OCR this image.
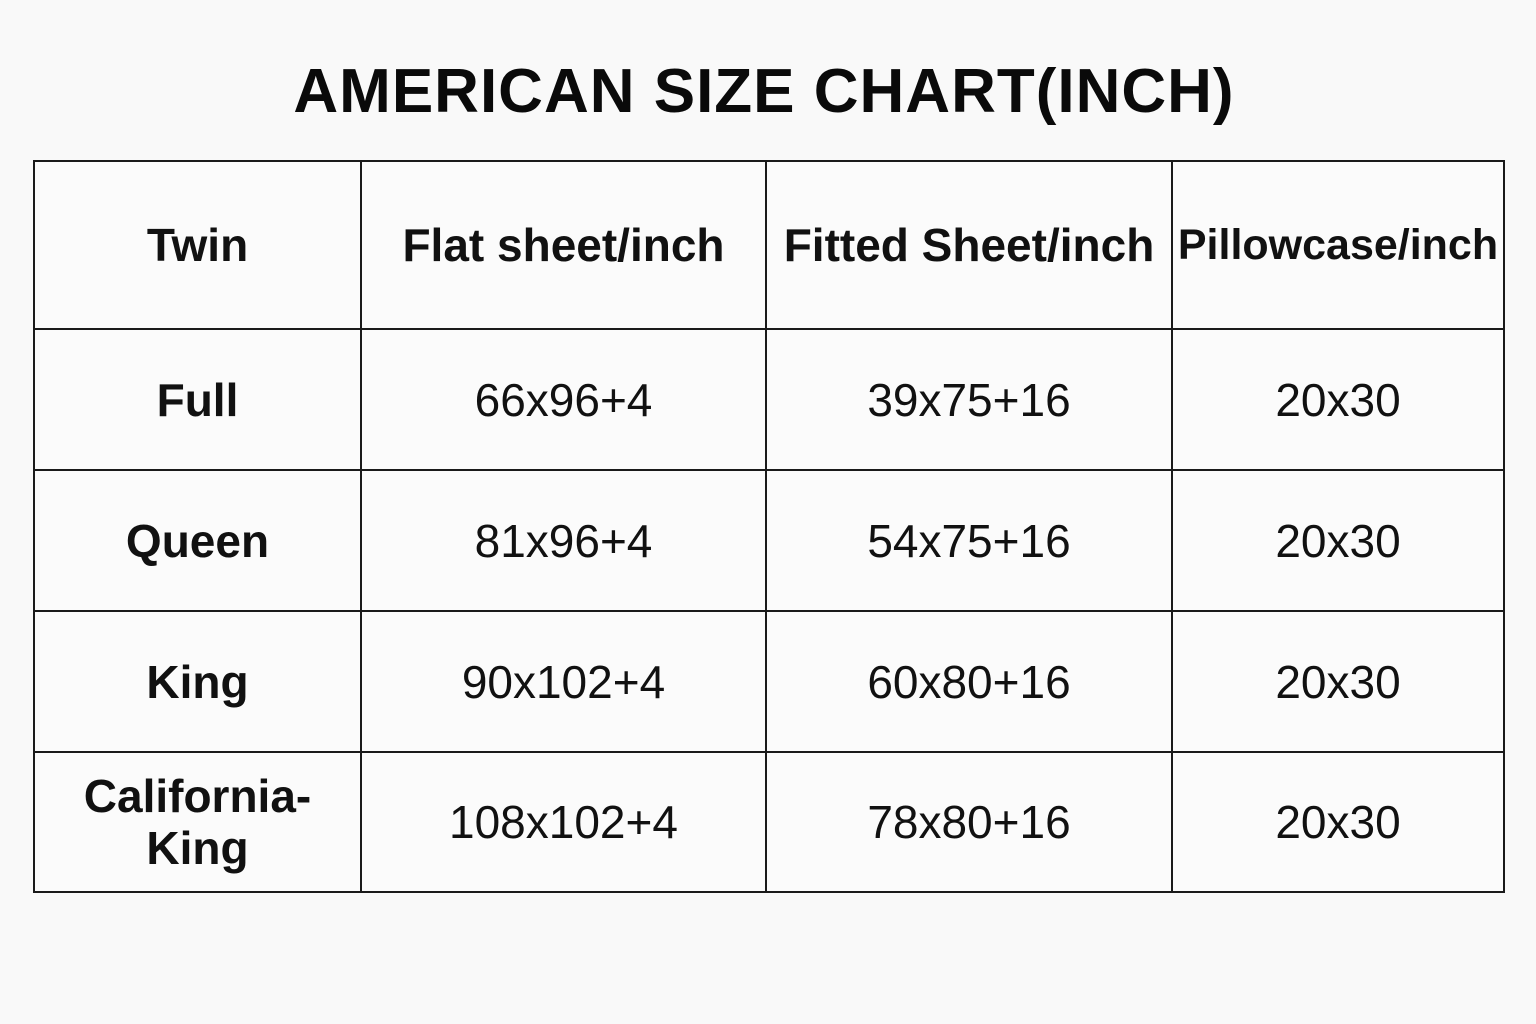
AMERICAN SIZE CHART(INCH)
Twin	Flat sheet/inch	Fitted Sheet/inch	Pillowcase/inch
Full	66x96+4	39x75+16	20x30
Queen	81x96+4	54x75+16	20x30
King	90x102+4	60x80+16	20x30
California-
King	108x102+4	78x80+16	20x30
